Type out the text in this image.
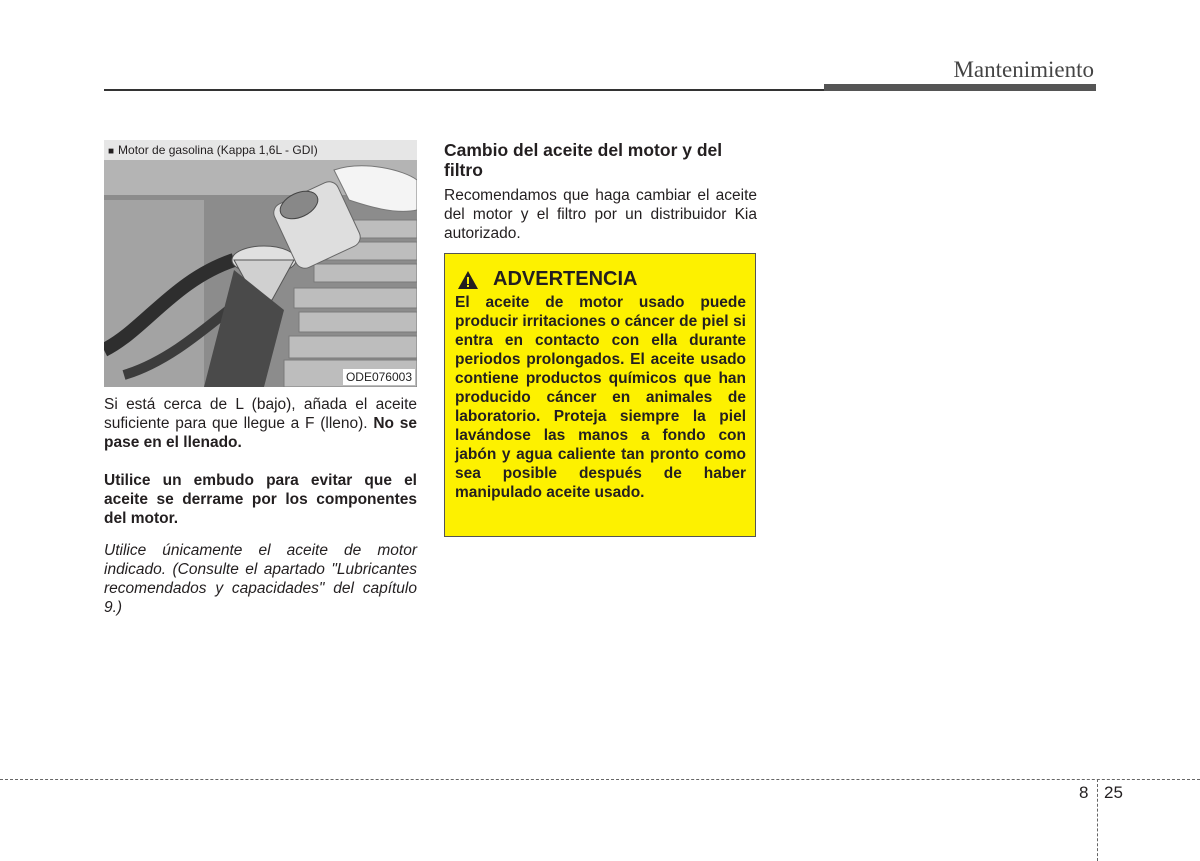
Mantenimiento
■ Motor de gasolina (Kappa 1,6L - GDI)
ODE076003
Si está cerca de L (bajo), añada el aceite suficiente para que llegue a F (lleno). No se pase en el llenado.
Utilice un embudo para evitar que el aceite se derrame por los componentes del motor.
Utilice únicamente el aceite de motor indicado. (Consulte el apartado "Lubricantes recomendados y capacidades" del capítulo 9.)
Cambio del aceite del motor y del filtro
Recomendamos que haga cambiar el aceite del motor y el filtro por un distribuidor Kia autorizado.
ADVERTENCIA
El aceite de motor usado puede producir irritaciones o cáncer de piel si entra en contacto con ella durante periodos prolongados. El aceite usado contiene productos químicos que han producido cáncer en animales de laboratorio. Proteja siempre la piel lavándose las manos a fondo con jabón y agua caliente tan pronto como sea posible después de haber manipulado aceite usado.
8 25
